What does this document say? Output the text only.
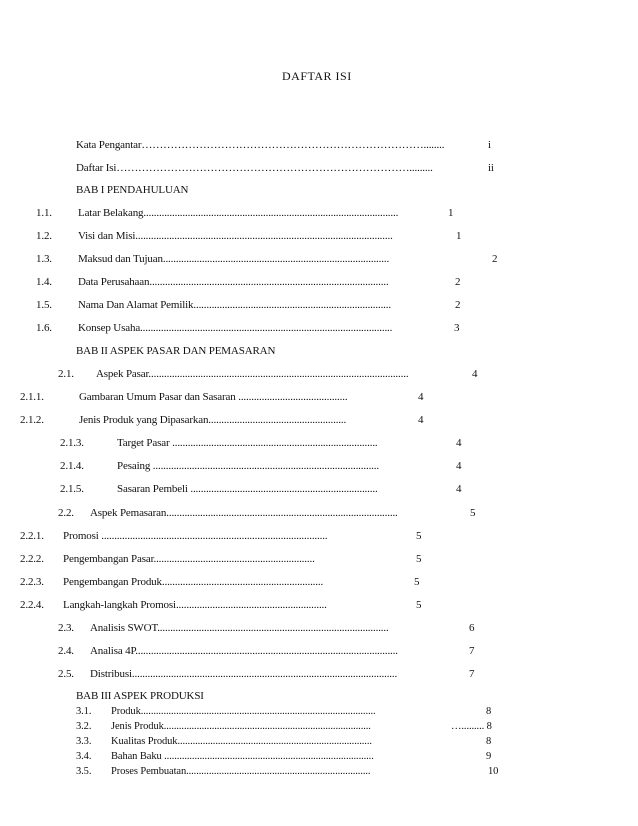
DAFTAR ISI
Kata Pengantar……………………………………………………………………........	i
Daftar Isi……………………………………………………………………….........	ii
BAB I PENDAHULUAN
1.1. Latar Belakang..................................................................................................	1
1.2. Visi dan Misi...................................................................................................	1
1.3. Maksud dan Tujuan.......................................................................................	2
1.4. Data Perusahaan............................................................................................	2
1.5. Nama Dan Alamat Pemilik............................................................................	2
1.6. Konsep Usaha.................................................................................................	3
BAB II ASPEK PASAR DAN PEMASARAN
2.1. Aspek Pasar....................................................................................................	4
2.1.1.	Gambaran Umum Pasar dan Sasaran ..........................................	4
2.1.2.	Jenis Produk yang Dipasarkan.....................................................	4
2.1.3.	Target Pasar ...............................................................................	4
2.1.4.	Pesaing .......................................................................................	4
2.1.5.	Sasaran Pembeli ........................................................................	4
2.2. Aspek Pemasaran.........................................................................................	5
2.2.1. Promosi .......................................................................................	5
2.2.2. Pengembangan Pasar..............................................................	5
2.2.3. Pengembangan Produk..............................................................	5
2.2.4. Langkah-langkah Promosi..........................................................	5
2.3. Analisis SWOT.........................................................................................	6
2.4. Analisa 4P.....................................................................................................	7
2.5. Distribusi......................................................................................................	7
BAB III ASPEK PRODUKSI
3.1. Produk.............................................................................................	8
3.2. Jenis Produk..................................................................................	…......... 8
3.3. Kualitas Produk.............................................................................	8
3.4. Bahan Baku ...................................................................................	9
3.5. Proses Pembuatan.........................................................................	10
